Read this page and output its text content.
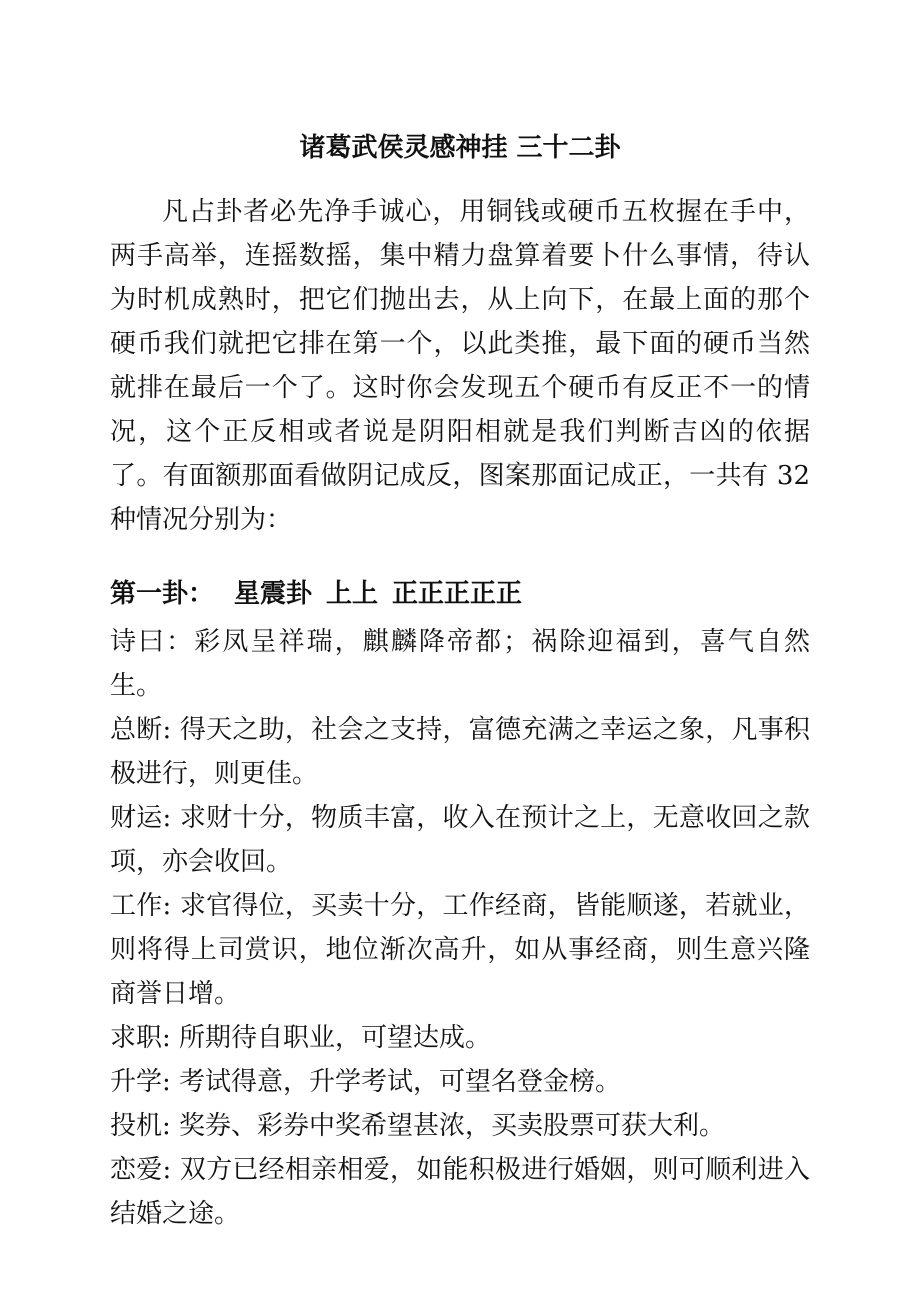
诸葛武侯灵感神挂 三十二卦

凡占卦者必先净手诚心，用铜钱或硬币五枚握在手中，两手高举，连摇数摇，集中精力盘算着要卜什么事情，待认为时机成熟时，把它们抛出去，从上向下，在最上面的那个硬币我们就把它排在第一个，以此类推，最下面的硬币当然就排在最后一个了。这时你会发现五个硬币有反正不一的情况，这个正反相或者说是阴阳相就是我们判断吉凶的依据了。有面额那面看做阴记成反，图案那面记成正，一共有 32 种情况分别为：

第一卦： 星震卦 上上 正正正正正
诗曰：彩凤呈祥瑞，麒麟降帝都；祸除迎福到，喜气自然生。
总断: 得天之助，社会之支持，富德充满之幸运之象，凡事积极进行，则更佳。
财运: 求财十分，物质丰富，收入在预计之上，无意收回之款项，亦会收回。
工作: 求官得位，买卖十分，工作经商，皆能顺遂，若就业，则将得上司赏识，地位渐次高升，如从事经商，则生意兴隆商誉日增。
求职: 所期待自职业，可望达成。
升学: 考试得意，升学考试，可望名登金榜。
投机: 奖券、彩券中奖希望甚浓，买卖股票可获大利。
恋爱: 双方已经相亲相爱，如能积极进行婚姻，则可顺利进入结婚之途。
